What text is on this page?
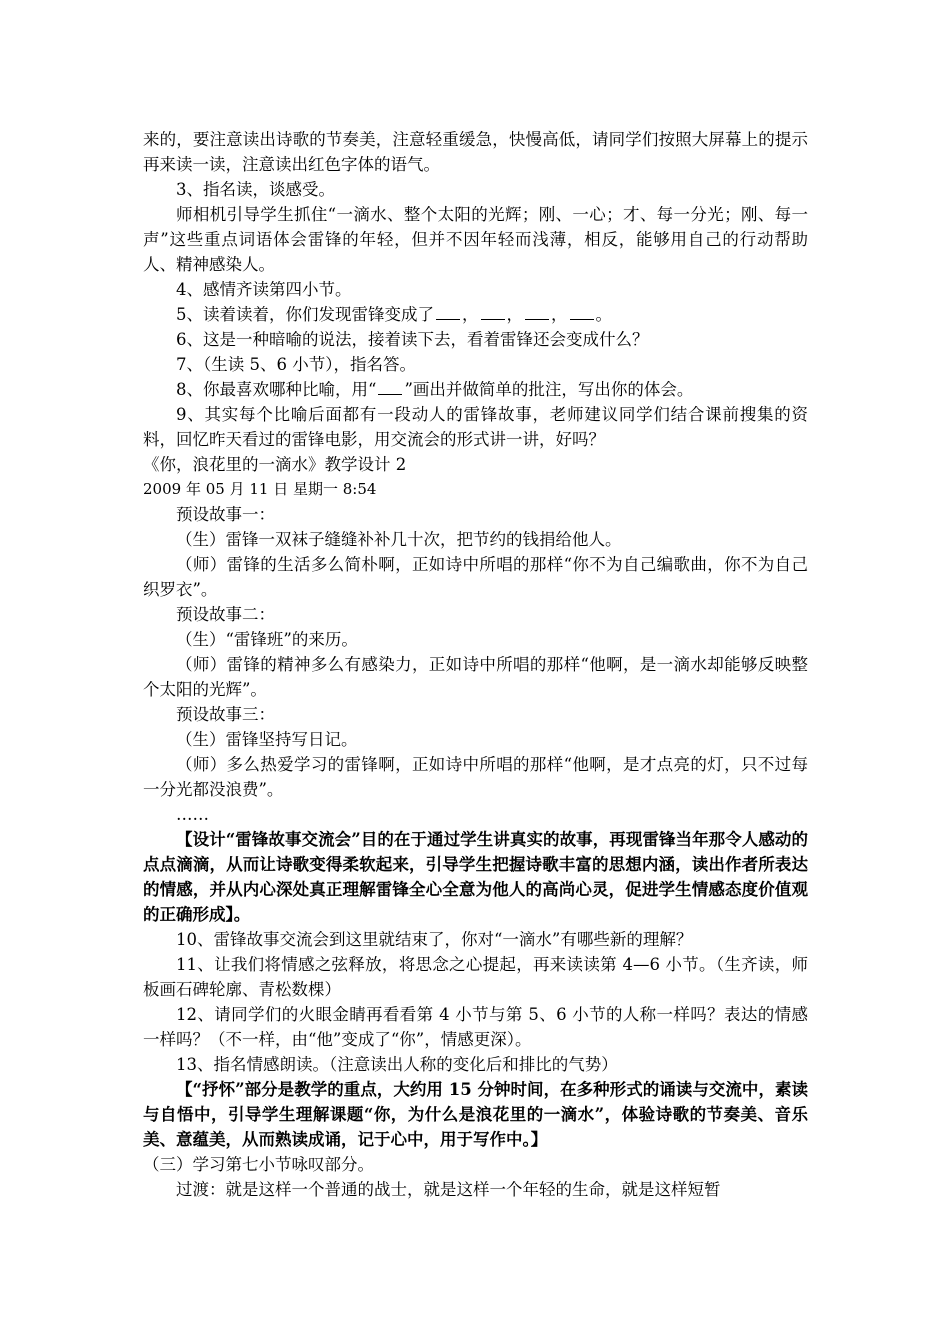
来的，要注意读出诗歌的节奏美，注意轻重缓急，快慢高低，请同学们按照大屏幕上的提示再来读一读，注意读出红色字体的语气。
3、指名读，谈感受。
师相机引导学生抓住“一滴水、整个太阳的光辉；刚、一心；才、每一分光；刚、每一声”这些重点词语体会雷锋的年轻，但并不因年轻而浅薄，相反，能够用自己的行动帮助人、精神感染人。
4、感情齐读第四小节。
5、读着读着，你们发现雷锋变成了 ， ， ， 。
6、这是一种暗喻的说法，接着读下去，看着雷锋还会变成什么？
7、（生读 5、6 小节），指名答。
8、你最喜欢哪种比喻，用“ ”画出并做简单的批注，写出你的体会。
9、其实每个比喻后面都有一段动人的雷锋故事，老师建议同学们结合课前搜集的资料，回忆昨天看过的雷锋电影，用交流会的形式讲一讲，好吗？
《你，浪花里的一滴水》教学设计 2
2009 年 05 月 11 日 星期一 8:54
预设故事一：
（生）雷锋一双袜子缝缝补补几十次，把节约的钱捐给他人。
（师）雷锋的生活多么简朴啊，正如诗中所唱的那样“你不为自己编歌曲，你不为自己织罗衣”。
预设故事二：
（生）“雷锋班”的来历。
（师）雷锋的精神多么有感染力，正如诗中所唱的那样“他啊，是一滴水却能够反映整个太阳的光辉”。
预设故事三：
（生）雷锋坚持写日记。
（师）多么热爱学习的雷锋啊，正如诗中所唱的那样“他啊，是才点亮的灯，只不过每一分光都没浪费”。
……
【设计“雷锋故事交流会”目的在于通过学生讲真实的故事，再现雷锋当年那令人感动的点点滴滴，从而让诗歌变得柔软起来，引导学生把握诗歌丰富的思想内涵，读出作者所表达的情感，并从内心深处真正理解雷锋全心全意为他人的高尚心灵，促进学生情感态度价值观的正确形成】。
10、雷锋故事交流会到这里就结束了，你对“一滴水”有哪些新的理解？
11、让我们将情感之弦释放，将思念之心提起，再来读读第 4—6 小节。（生齐读，师板画石碑轮廓、青松数棵）
12、请同学们的火眼金睛再看看第 4 小节与第 5、6 小节的人称一样吗？表达的情感一样吗？（不一样，由“他”变成了“你”，情感更深）。
13、指名情感朗读。（注意读出人称的变化后和排比的气势）
【“抒怀”部分是教学的重点，大约用 15 分钟时间，在多种形式的诵读与交流中，素读与自悟中，引导学生理解课题“你，为什么是浪花里的一滴水”，体验诗歌的节奏美、音乐美、意蕴美，从而熟读成诵，记于心中，用于写作中。】
（三）学习第七小节咏叹部分。
过渡：就是这样一个普通的战士，就是这样一个年轻的生命，就是这样短暂
